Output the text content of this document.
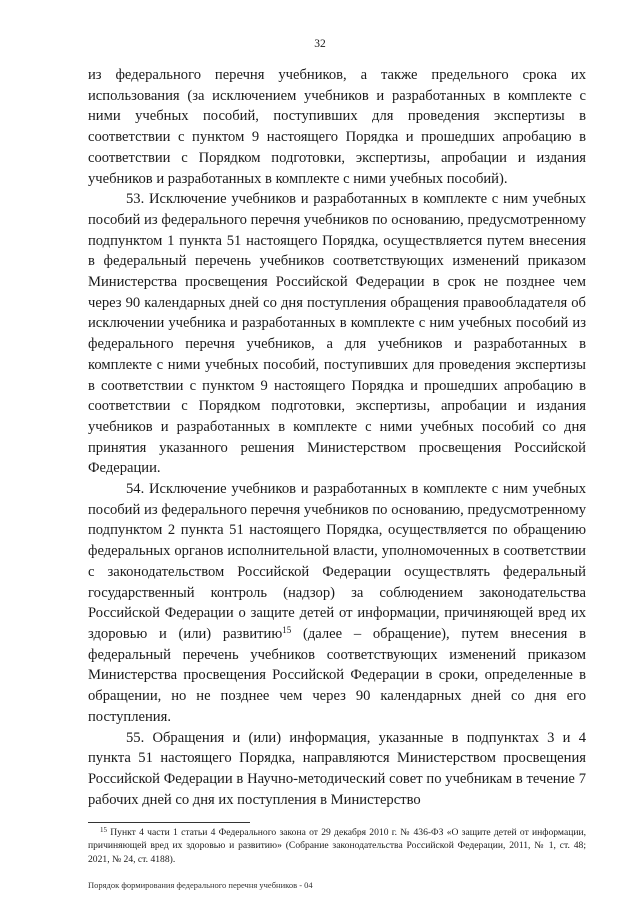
32

из федерального перечня учебников, а также предельного срока их использования (за исключением учебников и разработанных в комплекте с ними учебных пособий, поступивших для проведения экспертизы в соответствии с пунктом 9 настоящего Порядка и прошедших апробацию в соответствии с Порядком подготовки, экспертизы, апробации и издания учебников и разработанных в комплекте с ними учебных пособий).

53. Исключение учебников и разработанных в комплекте с ним учебных пособий из федерального перечня учебников по основанию, предусмотренному подпунктом 1 пункта 51 настоящего Порядка, осуществляется путем внесения в федеральный перечень учебников соответствующих изменений приказом Министерства просвещения Российской Федерации в срок не позднее чем через 90 календарных дней со дня поступления обращения правообладателя об исключении учебника и разработанных в комплекте с ним учебных пособий из федерального перечня учебников, а для учебников и разработанных в комплекте с ними учебных пособий, поступивших для проведения экспертизы в соответствии с пунктом 9 настоящего Порядка и прошедших апробацию в соответствии с Порядком подготовки, экспертизы, апробации и издания учебников и разработанных в комплекте с ними учебных пособий со дня принятия указанного решения Министерством просвещения Российской Федерации.

54. Исключение учебников и разработанных в комплекте с ним учебных пособий из федерального перечня учебников по основанию, предусмотренному подпунктом 2 пункта 51 настоящего Порядка, осуществляется по обращению федеральных органов исполнительной власти, уполномоченных в соответствии с законодательством Российской Федерации осуществлять федеральный государственный контроль (надзор) за соблюдением законодательства Российской Федерации о защите детей от информации, причиняющей вред их здоровью и (или) развитию$^{15}$ (далее – обращение), путем внесения в федеральный перечень учебников соответствующих изменений приказом Министерства просвещения Российской Федерации в сроки, определенные в обращении, но не позднее чем через 90 календарных дней со дня его поступления.

55. Обращения и (или) информация, указанные в подпунктах 3 и 4 пункта 51 настоящего Порядка, направляются Министерством просвещения Российской Федерации в Научно-методический совет по учебникам в течение 7 рабочих дней со дня их поступления в Министерство

$^{15}$ Пункт 4 части 1 статьи 4 Федерального закона от 29 декабря 2010 г. № 436-ФЗ «О защите детей от информации, причиняющей вред их здоровью и развитию» (Собрание законодательства Российской Федерации, 2011, № 1, ст. 48; 2021, № 24, ст. 4188).
Порядок формирования федерального перечня учебников - 04
